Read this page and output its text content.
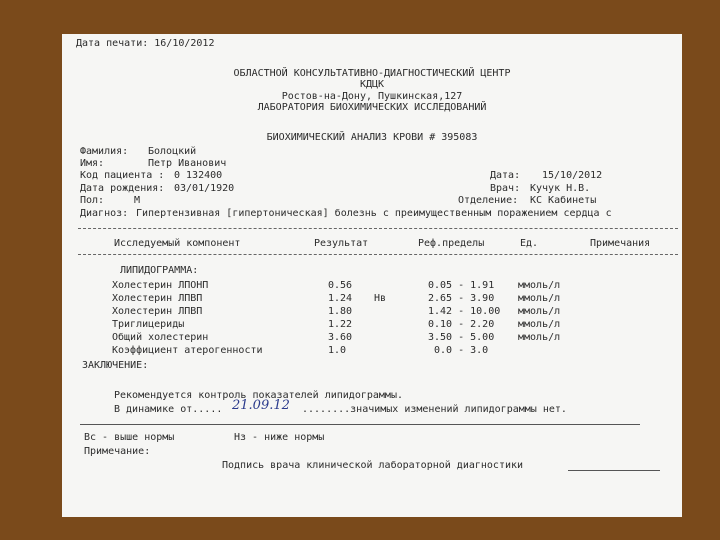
Дата печати: 16/10/2012
ОБЛАСТНОЙ КОНСУЛЬТАТИВНО-ДИАГНОСТИЧЕСКИЙ ЦЕНТР
КДЦК
Ростов-на-Дону, Пушкинская,127
ЛАБОРАТОРИЯ БИОХИМИЧЕСКИХ ИССЛЕДОВАНИЙ
БИОХИМИЧЕСКИЙ АНАЛИЗ КРОВИ # 395083
Фамилия: Болоцкий
Имя:	Петр Иванович
Код пациента : 0 132400
Дата рождения: 03/01/1920
Пол:	М
Диагноз: Гипертензивная [гипертоническая] болезнь с преимущественным поражением сердца с
Дата: 15/10/2012
Врач: Кучук Н.В.
Отделение: КС Кабинеты
Исследуемый компонент	Результат	Реф.пределы	Ед.	Примечания
ЛИПИДОГРАММА:
Холестерин ЛПОНП	0.56	0.05 - 1.91 ммоль/л
Холестерин ЛПВП	1.24 Нв	2.65 - 3.90 ммоль/л
Холестерин ЛПВП	1.80	1.42 - 10.00 ммоль/л
Триглицериды	1.22	0.10 - 2.20 ммоль/л
Общий холестерин	3.60	3.50 - 5.00 ммоль/л
Коэффициент атерогенности	1.0	0.0 - 3.0
ЗАКЛЮЧЕНИЕ:
Рекомендуется контроль показателей липидограммы.
В динамике от..... 21.09.12 ........значимых изменений липидограммы нет.
Вс - выше нормы	Нз - ниже нормы
Примечание:
Подпись врача клинической лабораторной диагностики
